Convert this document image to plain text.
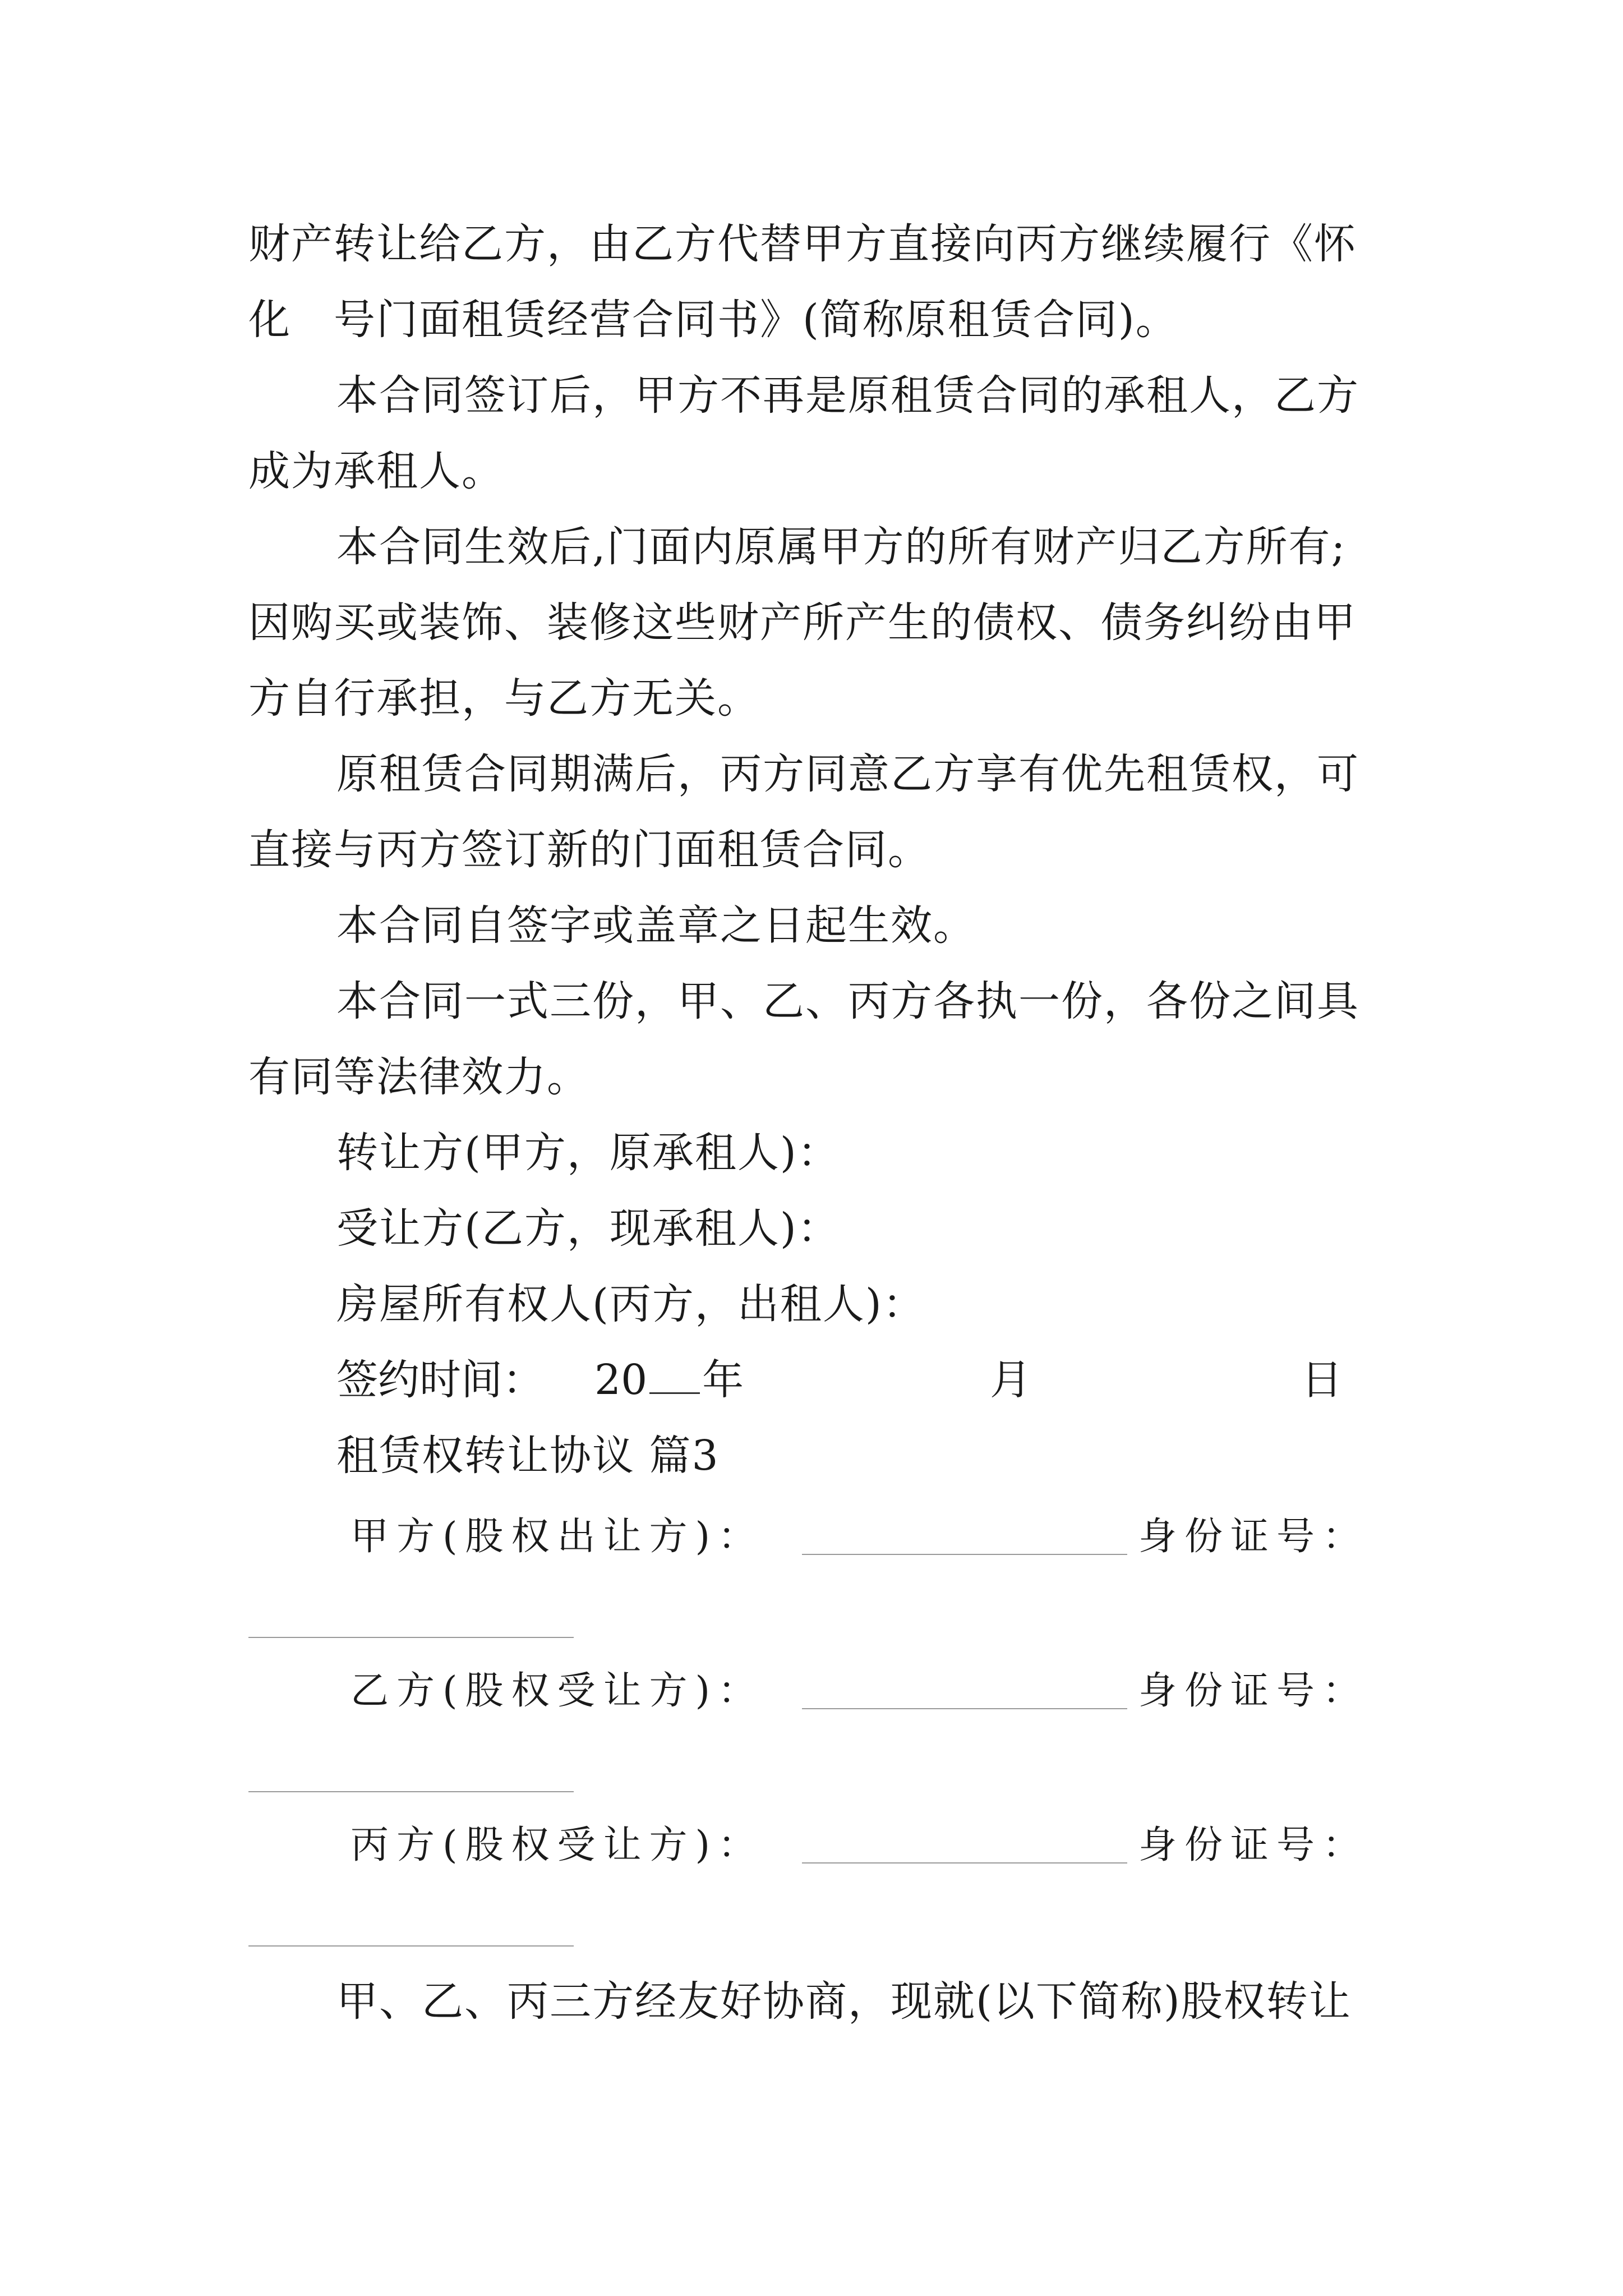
财产转让给乙方，由乙方代替甲方直接向丙方继续履行《怀
化　号门面租赁经营合同书》(简称原租赁合同)。
本合同签订后，甲方不再是原租赁合同的承租人，乙方
成为承租人。
本合同生效后,门面内原属甲方的所有财产归乙方所有;
因购买或装饰、装修这些财产所产生的债权、债务纠纷由甲
方自行承担，与乙方无关。
原租赁合同期满后，丙方同意乙方享有优先租赁权，可
直接与丙方签订新的门面租赁合同。
本合同自签字或盖章之日起生效。
本合同一式三份，甲、乙、丙方各执一份，各份之间具
有同等法律效力。
转让方(甲方，原承租人)：
受让方(乙方，现承租人)：
房屋所有权人(丙方，出租人)：
签约时间： 20 年	月	日
租赁权转让协议 篇3
甲方(股权出让方)：	身份证号：
乙方(股权受让方)：	身份证号：
丙方(股权受让方)：	身份证号：
甲、乙、丙三方经友好协商，现就(以下简称)股权转让
